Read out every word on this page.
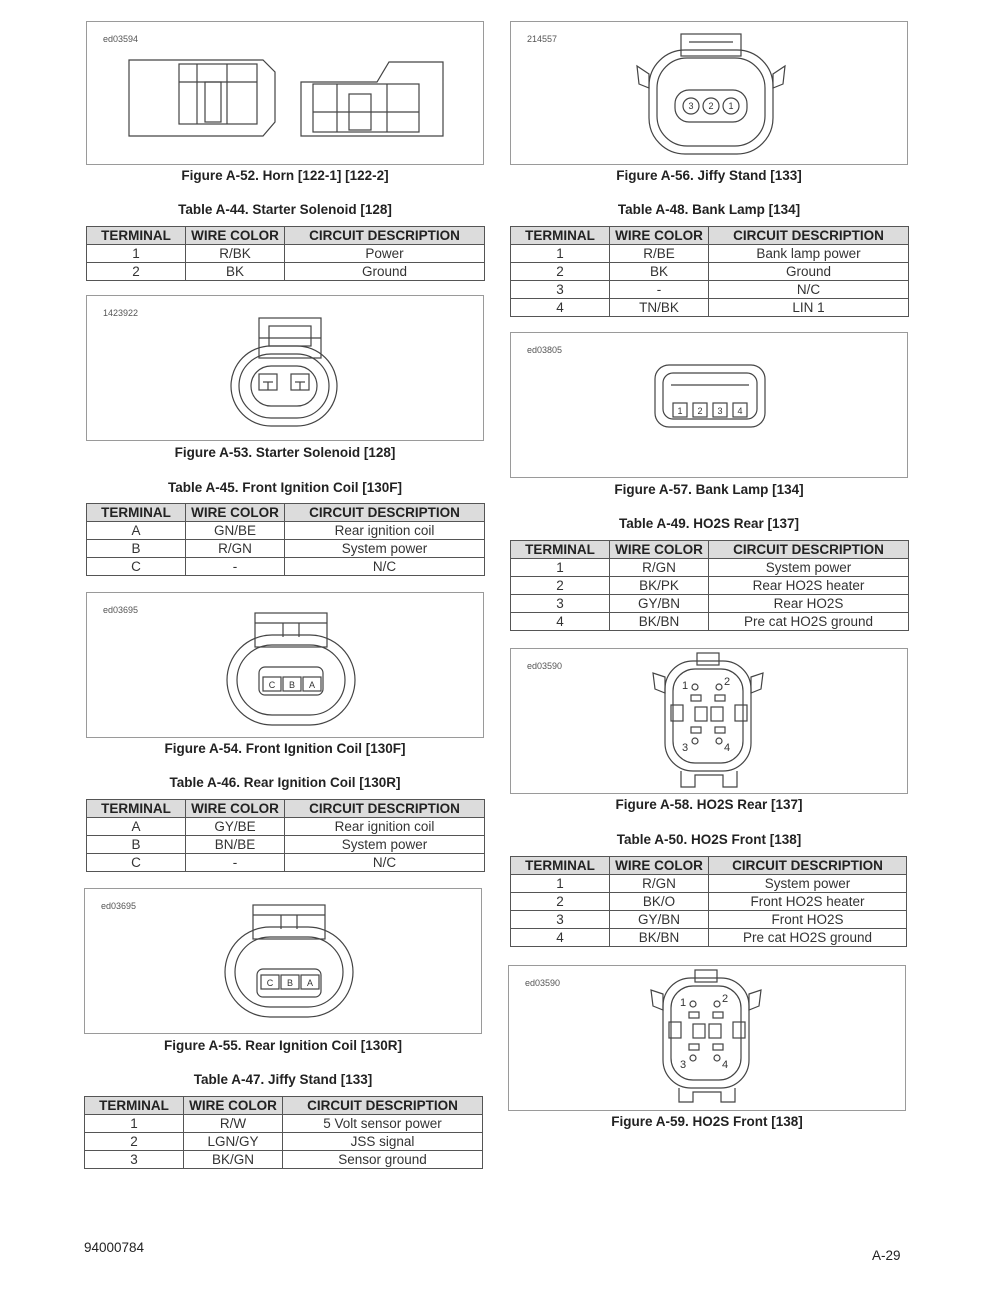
ed03594
Figure A-52. Horn [122-1] [122-2]
Table A-44. Starter Solenoid [128]
TERMINAL	WIRE COLOR	CIRCUIT DESCRIPTION
1	R/BK	Power
2	BK	Ground
1423922
Figure A-53. Starter Solenoid [128]
Table A-45. Front Ignition Coil [130F]
TERMINAL	WIRE COLOR	CIRCUIT DESCRIPTION
A	GN/BE	Rear ignition coil
B	R/GN	System power
C	-	N/C
ed03695
C B A
Figure A-54. Front Ignition Coil [130F]
Table A-46. Rear Ignition Coil [130R]
TERMINAL	WIRE COLOR	CIRCUIT DESCRIPTION
A	GY/BE	Rear ignition coil
B	BN/BE	System power
C	-	N/C
ed03695
C B A
Figure A-55. Rear Ignition Coil [130R]
Table A-47. Jiffy Stand [133]
TERMINAL	WIRE COLOR	CIRCUIT DESCRIPTION
1	R/W	5 Volt sensor power
2	LGN/GY	JSS signal
3	BK/GN	Sensor ground
214557
3 2 1
Figure A-56. Jiffy Stand [133]
Table A-48. Bank Lamp [134]
TERMINAL	WIRE COLOR	CIRCUIT DESCRIPTION
1	R/BE	Bank lamp power
2	BK	Ground
3	-	N/C
4	TN/BK	LIN 1
ed03805
1 2 3 4
Figure A-57. Bank Lamp [134]
Table A-49. HO2S Rear [137]
TERMINAL	WIRE COLOR	CIRCUIT DESCRIPTION
1	R/GN	System power
2	BK/PK	Rear HO2S heater
3	GY/BN	Rear HO2S
4	BK/BN	Pre cat HO2S ground
ed03590
1	2
3	4
Figure A-58. HO2S Rear [137]
Table A-50. HO2S Front [138]
TERMINAL	WIRE COLOR	CIRCUIT DESCRIPTION
1	R/GN	System power
2	BK/O	Front HO2S heater
3	GY/BN	Front HO2S
4	BK/BN	Pre cat HO2S ground
ed03590
1	2
3	4
Figure A-59. HO2S Front [138]
94000784
A-29
